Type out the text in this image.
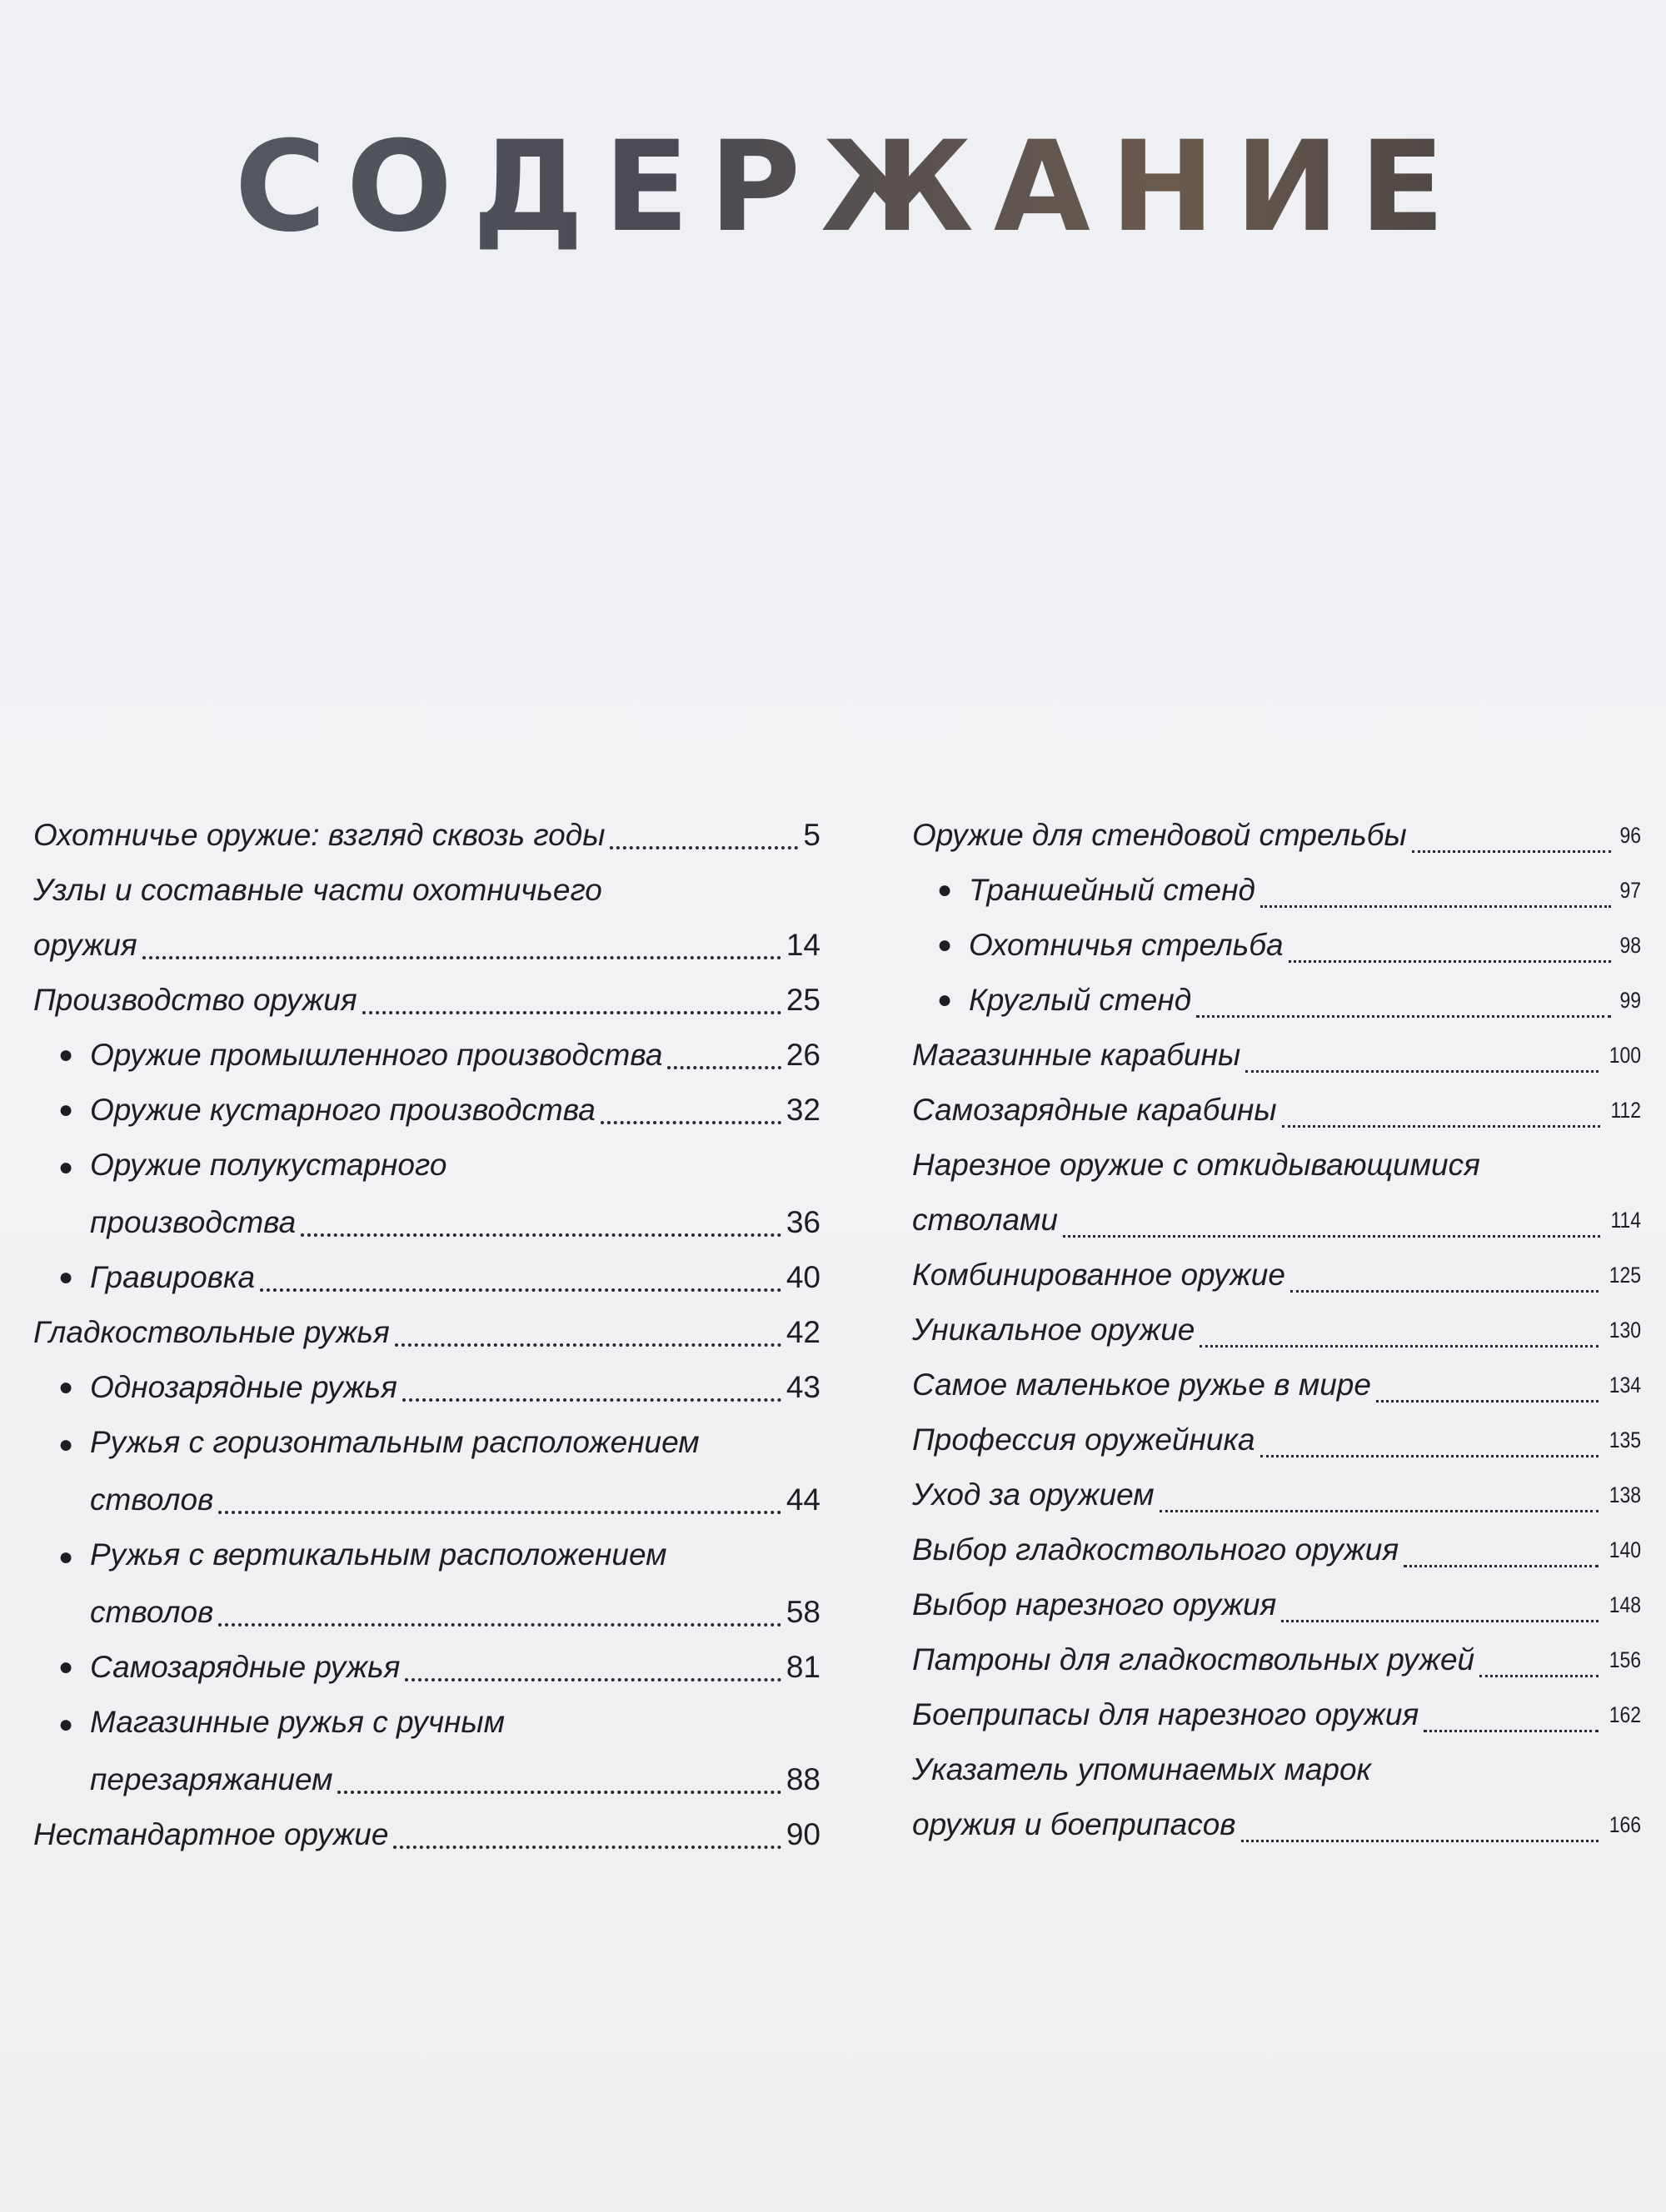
СОДЕРЖАНИЕ
Охотничье оружие: взгляд сквозь годы	5
Узлы и составные части охотничьего
оружия	14
Производство оружия	25
● Оружие промышленного производства	26
● Оружие кустарного производства	32
● Оружие полукустарного
производства	36
● Гравировка	40
Гладкоствольные ружья	42
● Однозарядные ружья	43
● Ружья с горизонтальным расположением
стволов	44
● Ружья с вертикальным расположением
стволов	58
● Самозарядные ружья	81
● Магазинные ружья с ручным
перезаряжанием	88
Нестандартное оружие	90
Оружие для стендовой стрельбы	96
● Траншейный стенд	97
● Охотничья стрельба	98
● Круглый стенд	99
Магазинные карабины	100
Самозарядные карабины	112
Нарезное оружие с откидывающимися
стволами	114
Комбинированное оружие	125
Уникальное оружие	130
Самое маленькое ружье в мире	134
Профессия оружейника	135
Уход за оружием	138
Выбор гладкоствольного оружия	140
Выбор нарезного оружия	148
Патроны для гладкоствольных ружей	156
Боеприпасы для нарезного оружия	162
Указатель упоминаемых марок
оружия и боеприпасов	166
